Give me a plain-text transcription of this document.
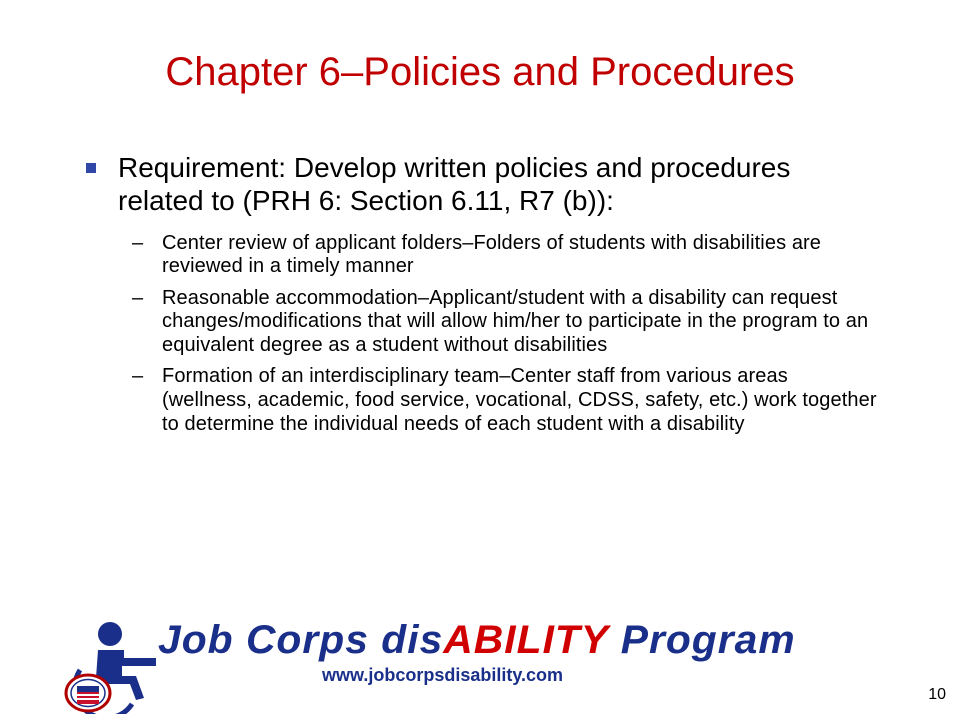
Chapter 6–Policies and Procedures
Requirement: Develop written policies and procedures related to (PRH 6: Section 6.11, R7 (b)):
– Center review of applicant folders–Folders of students with disabilities are reviewed in a timely manner
– Reasonable accommodation–Applicant/student with a disability can request changes/modifications that will allow him/her to participate in the program to an equivalent degree as a student without disabilities
– Formation of an interdisciplinary team–Center staff from various areas (wellness, academic, food service, vocational, CDSS, safety, etc.) work together to determine the individual needs of each student with a disability
Job Corps disABILITY Program
www.jobcorpsdisability.com
10
